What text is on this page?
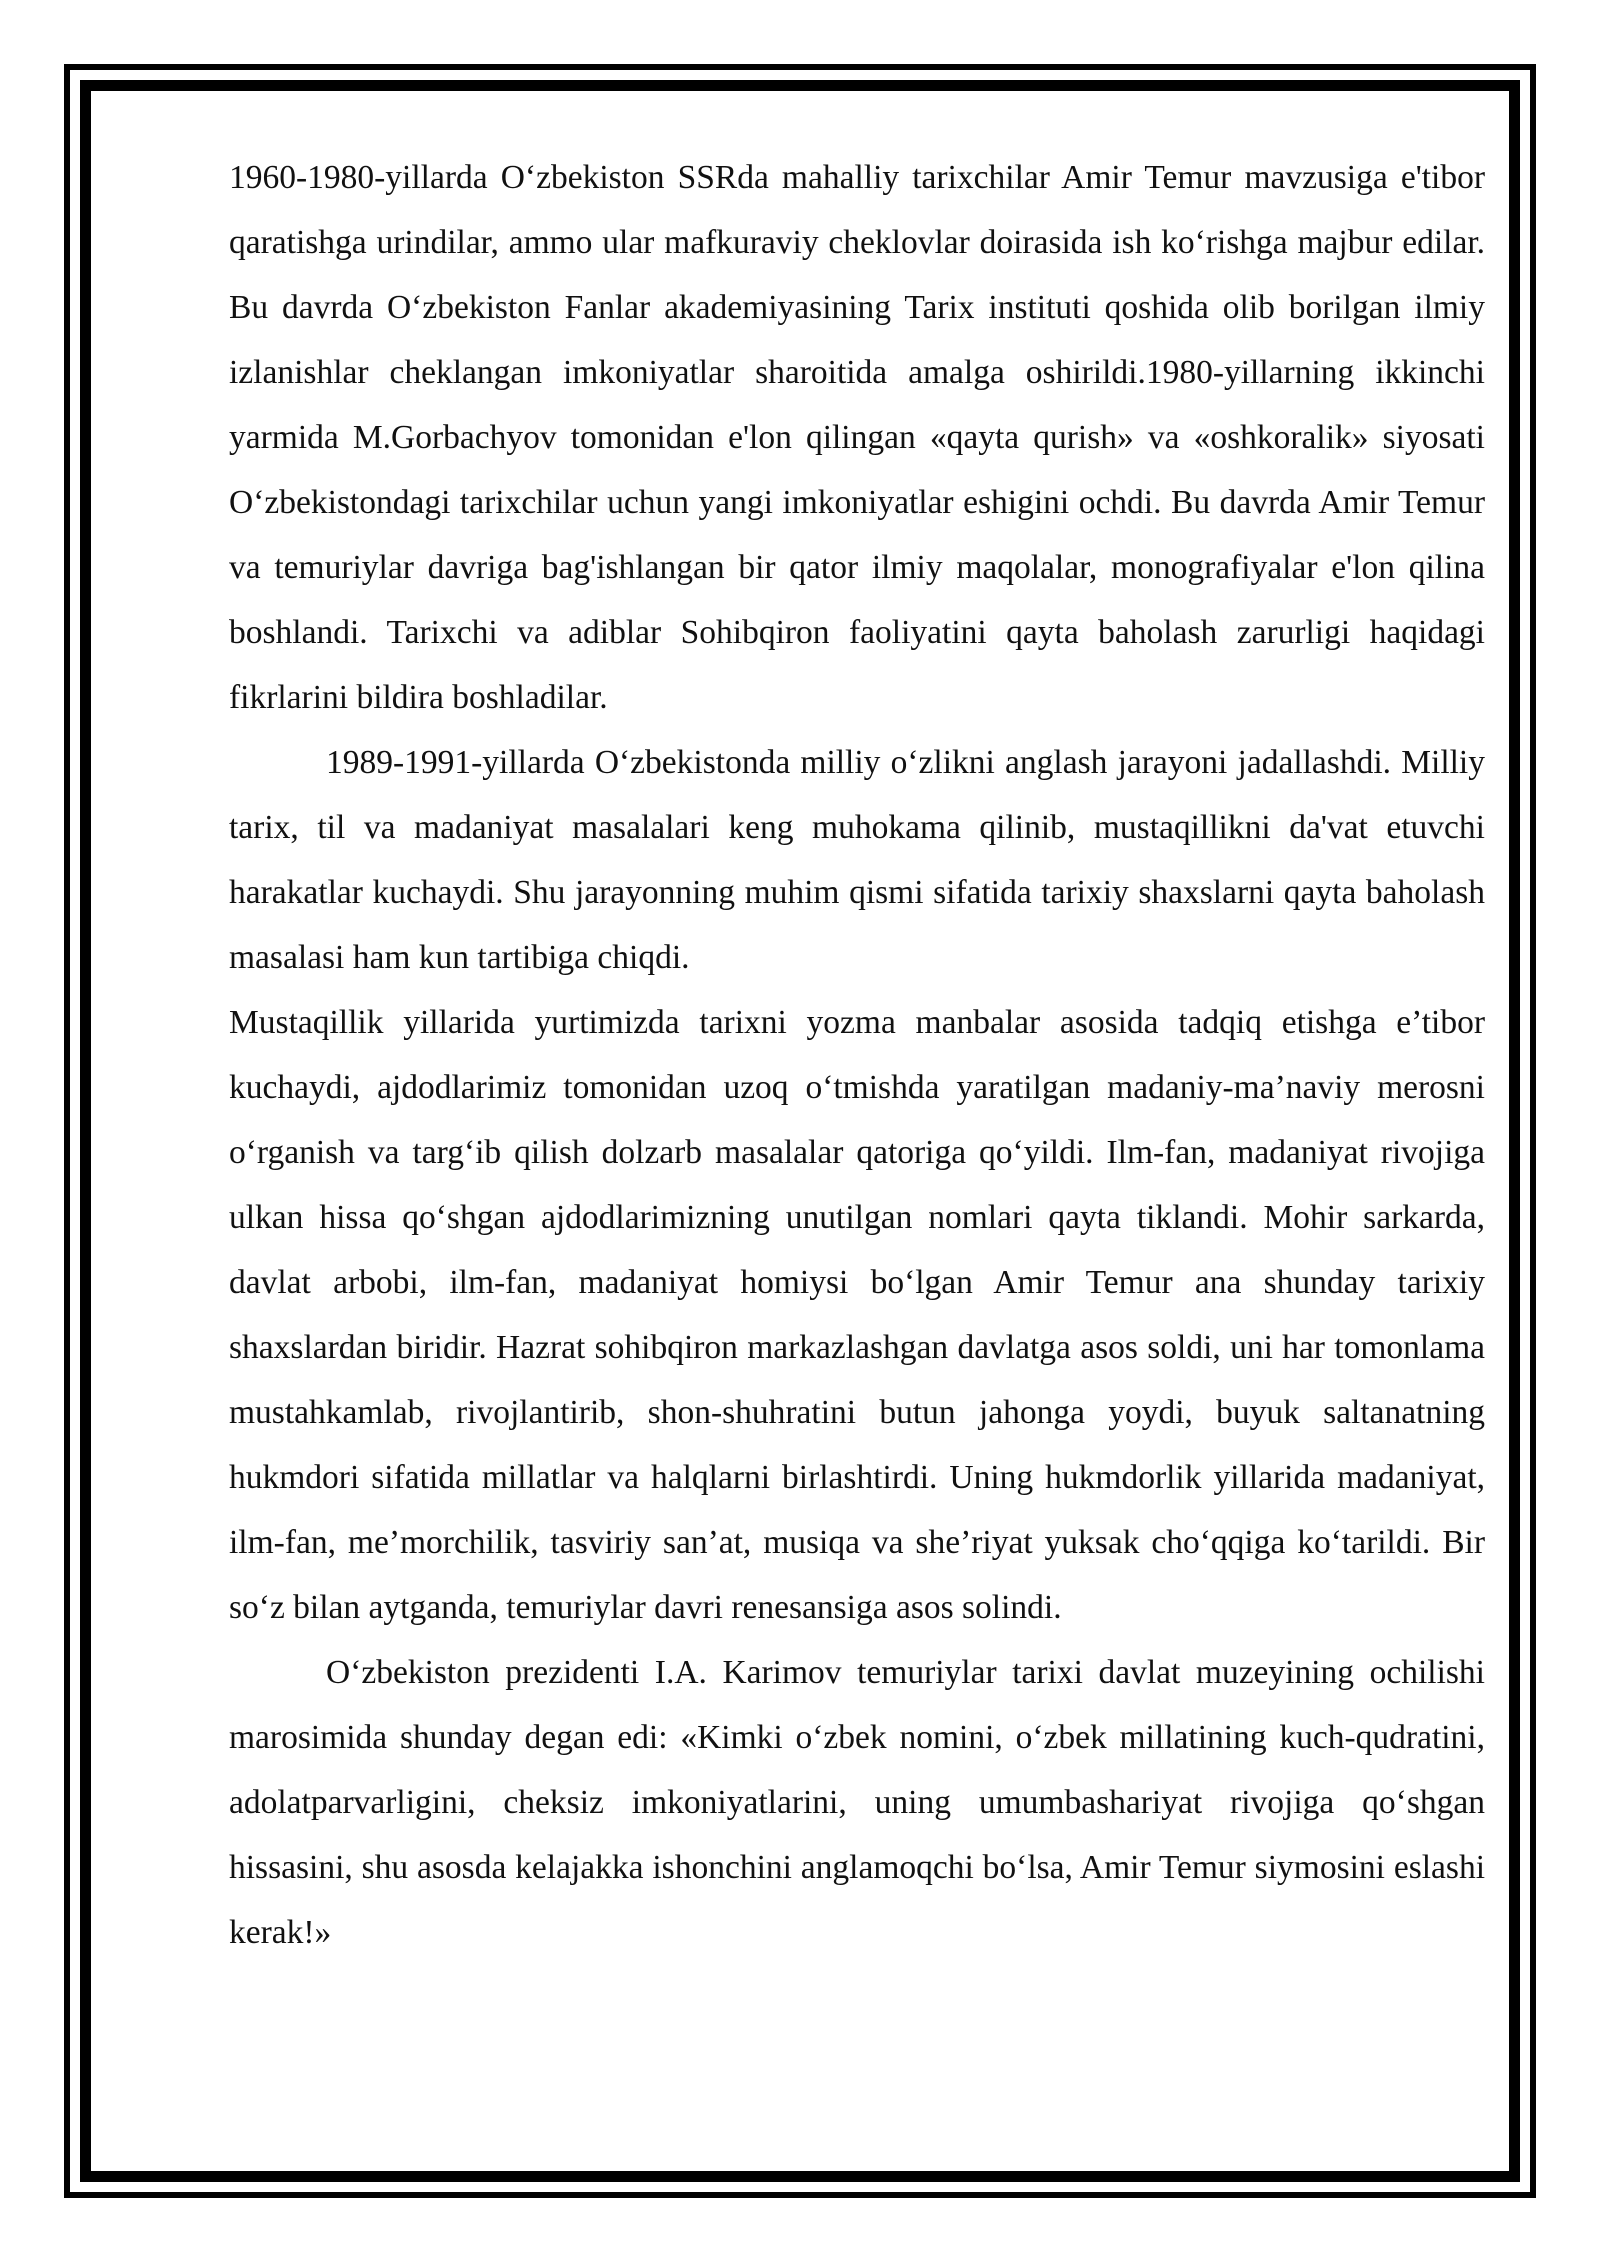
1960-1980-yillarda O‘zbekiston SSRda mahalliy tarixchilar Amir Temur mavzusiga e'tibor qaratishga urindilar, ammo ular mafkuraviy cheklovlar doirasida ish ko‘rishga majbur edilar. Bu davrda O‘zbekiston Fanlar akademiyasining Tarix instituti qoshida olib borilgan ilmiy izlanishlar cheklangan imkoniyatlar sharoitida amalga oshirildi.1980-yillarning ikkinchi yarmida M.Gorbachyov tomonidan e'lon qilingan «qayta qurish» va «oshkoralik» siyosati O‘zbekistondagi tarixchilar uchun yangi imkoniyatlar eshigini ochdi. Bu davrda Amir Temur va temuriylar davriga bag'ishlangan bir qator ilmiy maqolalar, monografiyalar e'lon qilina boshlandi. Tarixchi va adiblar Sohibqiron faoliyatini qayta baholash zarurligi haqidagi fikrlarini bildira boshladilar.

1989-1991-yillarda O‘zbekistonda milliy o‘zlikni anglash jarayoni jadallashdi. Milliy tarix, til va madaniyat masalalari keng muhokama qilinib, mustaqillikni da'vat etuvchi harakatlar kuchaydi. Shu jarayonning muhim qismi sifatida tarixiy shaxslarni qayta baholash masalasi ham kun tartibiga chiqdi.

Mustaqillik yillarida yurtimizda tarixni yozma manbalar asosida tadqiq etishga e’tibor kuchaydi, ajdodlarimiz tomonidan uzoq o‘tmishda yaratilgan madaniy-ma’naviy merosni o‘rganish va targ‘ib qilish dolzarb masalalar qatoriga qo‘yildi. Ilm-fan, madaniyat rivojiga ulkan hissa qo‘shgan ajdodlarimizning unutilgan nomlari qayta tiklandi. Mohir sarkarda, davlat arbobi, ilm-fan, madaniyat homiysi bo‘lgan Amir Temur ana shunday tarixiy shaxslardan biridir. Hazrat sohibqiron markazlashgan davlatga asos soldi, uni har tomonlama mustahkamlab, rivojlantirib, shon-shuhratini butun jahonga yoydi, buyuk saltanatning hukmdori sifatida millatlar va halqlarni birlashtirdi. Uning hukmdorlik yillarida madaniyat, ilm-fan, me’morchilik, tasviriy san’at, musiqa va she’riyat yuksak cho‘qqiga ko‘tarildi. Bir so‘z bilan aytganda, temuriylar davri renesansiga asos solindi.

O‘zbekiston prezidenti I.A. Karimov temuriylar tarixi davlat muzeyining ochilishi marosimida shunday degan edi: «Kimki o‘zbek nomini, o‘zbek millatining kuch-qudratini, adolatparvarligini, cheksiz imkoniyatlarini, uning umumbashariyat rivojiga qo‘shgan hissasini, shu asosda kelajakka ishonchini anglamoqchi bo‘lsa, Amir Temur siymosini eslashi kerak!»
